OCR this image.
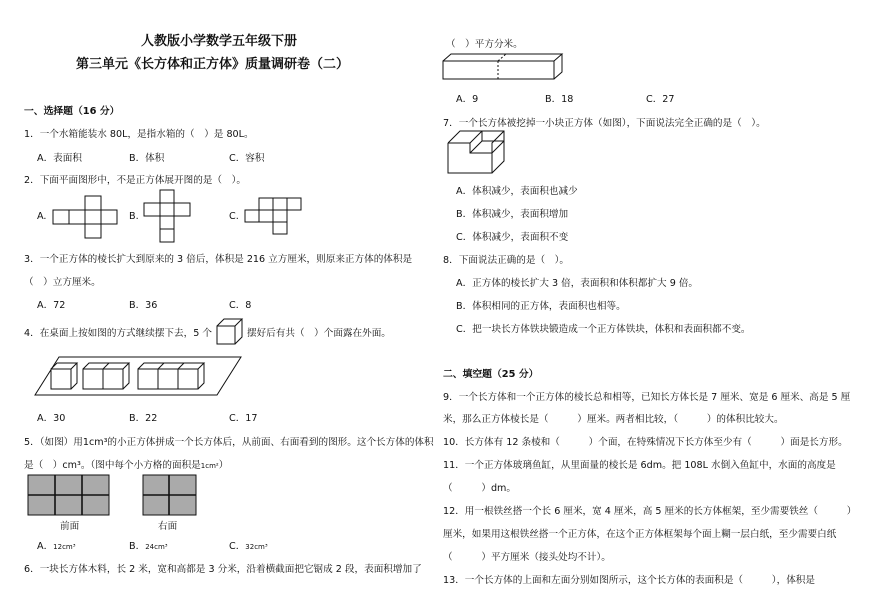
人教版小学数学五年级下册
第三单元《长方体和正方体》质量调研卷（二）
一、选择题（16 分）
1．一个水箱能装水 80L，是指水箱的（　）是 80L。
A．表面积	B．体积	C．容积
2．下面平面图形中，不是正方体展开图的是（　）。
A.	B.	C.
3．一个正方体的棱长扩大到原来的 3 倍后，体积是 216 立方厘米，则原来正方体的体积是
（　）立方厘米。
A．72	B．36	C．8
4．在桌面上按如图的方式继续摆下去，5 个	摆好后有共（　）个面露在外面。
A．30	B．22	C．17
5．（如图）用1cm³的小正方体拼成一个长方体后，从前面、右面看到的图形。这个长方体的体积
是（　）cm³。（图中每个小方格的面积是1cm²）
前面	右面
A．12cm³	B．24cm³	C．32cm³
6．一块长方体木料，长 2 米，宽和高都是 3 分米，沿着横截面把它锯成 2 段，表面积增加了
（　）平方分米。
A．9	B．18	C．27
7．一个长方体被挖掉一小块正方体（如图），下面说法完全正确的是（　）。
A．体积减少，表面积也减少
B．体积减少，表面积增加
C．体积减少，表面积不变
8．下面说法正确的是（　）。
A．正方体的棱长扩大 3 倍，表面积和体积都扩大 9 倍。
B．体积相同的正方体，表面积也相等。
C．把一块长方体铁块锻造成一个正方体铁块，体积和表面积都不变。
二、填空题（25 分）
9．一个长方体和一个正方体的棱长总和相等，已知长方体长是 7 厘米、宽是 6 厘米、高是 5 厘
米，那么正方体棱长是（　　　）厘米。两者相比较，（　　　）的体积比较大。
10．长方体有 12 条棱和（　　　）个面，在特殊情况下长方体至少有（　　　）面是长方形。
11．一个正方体玻璃鱼缸，从里面量的棱长是 6dm。把 108L 水倒入鱼缸中，水面的高度是
（　　　）dm。
12．用一根铁丝搭一个长 6 厘米，宽 4 厘米，高 5 厘米的长方体框架，至少需要铁丝（　　　）
厘米，如果用这根铁丝搭一个正方体，在这个正方体框架每个面上糊一层白纸，至少需要白纸
（　　　）平方厘米（接头处均不计）。
13．一个长方体的上面和左面分别如图所示，这个长方体的表面积是（　　　），体积是
